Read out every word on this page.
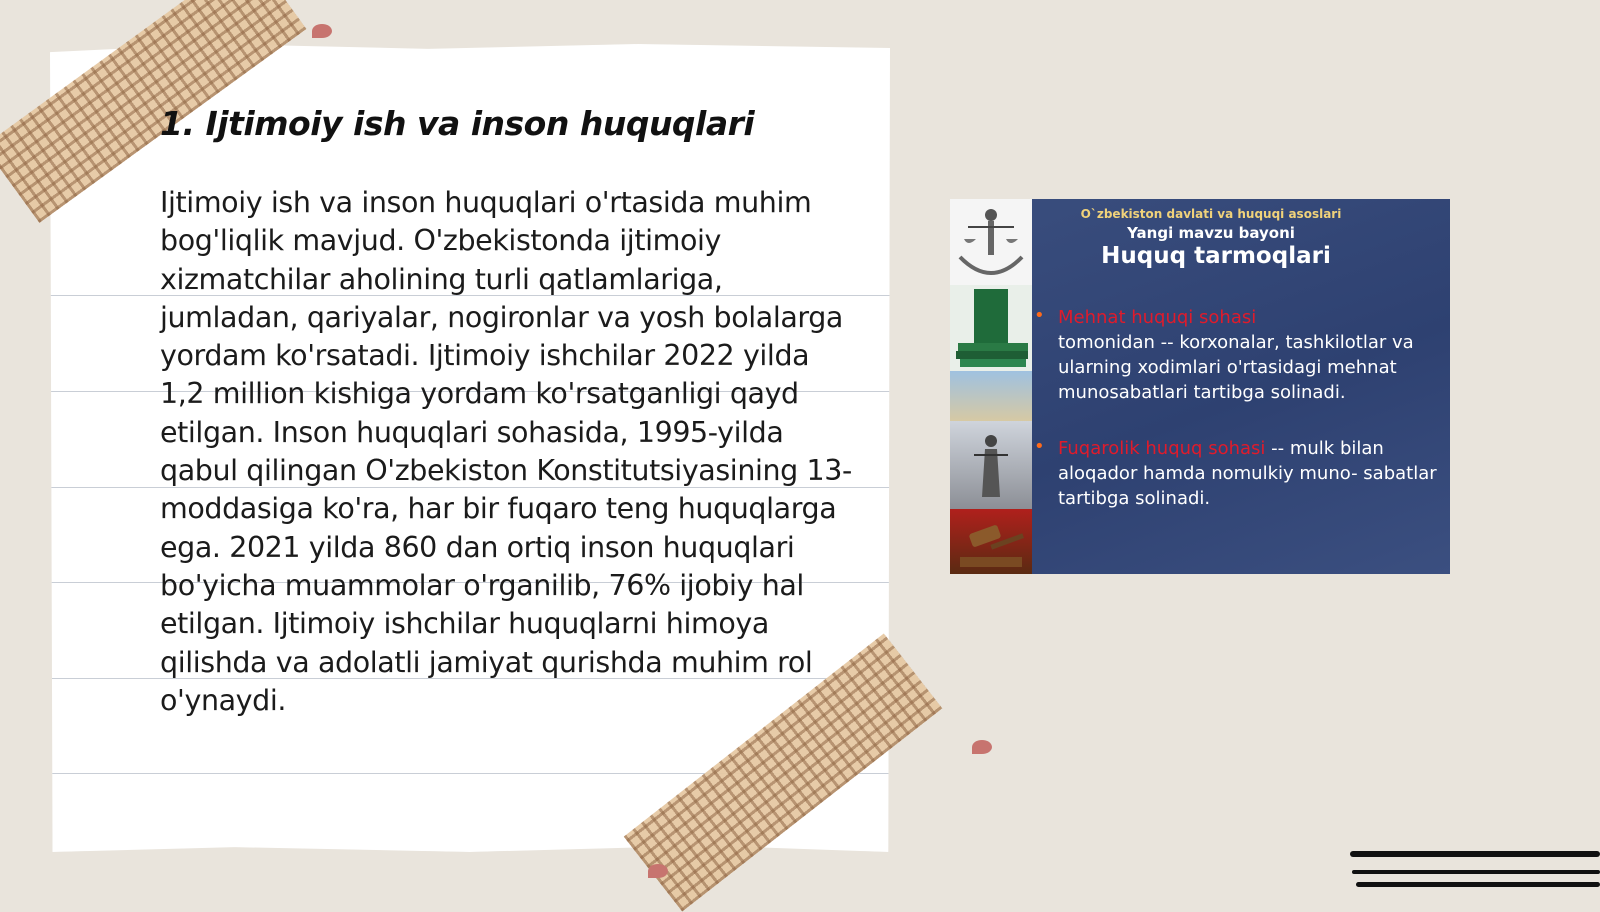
1. Ijtimoiy ish va inson huquqlari

Ijtimoiy ish va inson huquqlari o'rtasida muhim bog'liqlik mavjud. O'zbekistonda ijtimoiy xizmatchilar aholining turli qatlamlariga, jumladan, qariyalar, nogironlar va yosh bolalarga yordam ko'rsatadi. Ijtimoiy ishchilar 2022 yilda 1,2 million kishiga yordam ko'rsatganligi qayd etilgan. Inson huquqlari sohasida, 1995-yilda qabul qilingan O'zbekiston Konstitutsiyasining 13-moddasiga ko'ra, har bir fuqaro teng huquqlarga ega. 2021 yilda 860 dan ortiq inson huquqlari bo'yicha muammolar o'rganilib, 76% ijobiy hal etilgan. Ijtimoiy ishchilar huquqlarni himoya qilishda va adolatli jamiyat qurishda muhim rol o'ynaydi.

O`zbekiston davlati va huquqi asoslari
Yangi mavzu bayoni
Huquq tarmoqlari
• Mehnat huquqi sohasi
tomonidan -- korxonalar, tashkilotlar va ularning xodimlari o'rtasidagi mehnat munosabatlari tartibga solinadi.
• Fuqarolik huquq sohasi -- mulk bilan aloqador hamda nomulkiy muno- sabatlar tartibga solinadi.
